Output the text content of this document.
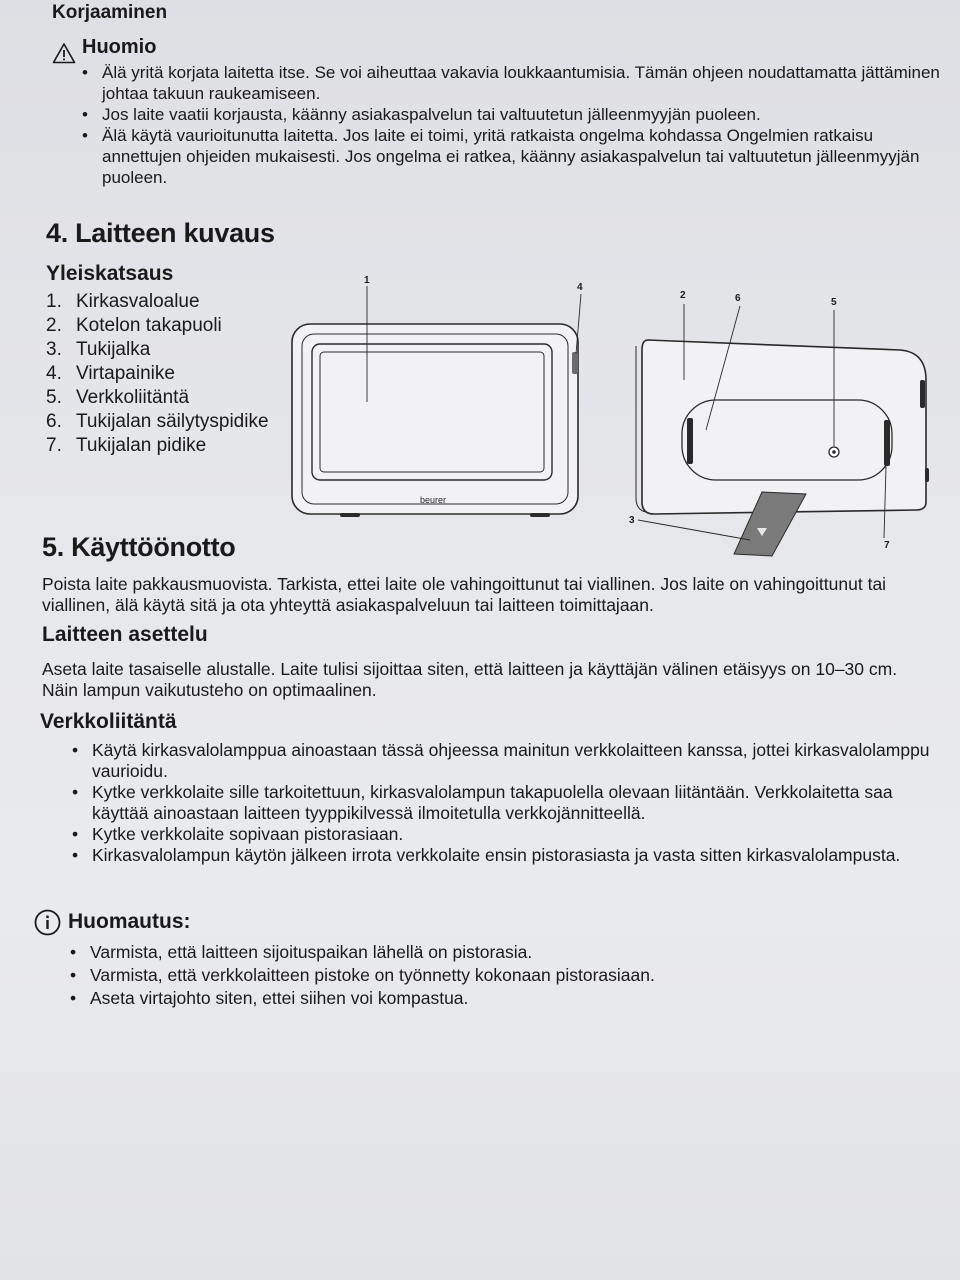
Korjaaminen
Huomio
• Älä yritä korjata laitetta itse. Se voi aiheuttaa vakavia loukkaantumisia. Tämän ohjeen noudattamatta jättäminen johtaa takuun raukeamiseen.
• Jos laite vaatii korjausta, käänny asiakaspalvelun tai valtuutetun jälleenmyyjän puoleen.
• Älä käytä vaurioitunutta laitetta. Jos laite ei toimi, yritä ratkaista ongelma kohdassa Ongelmien ratkaisu annettujen ohjeiden mukaisesti. Jos ongelma ei ratkea, käänny asiakaspalvelun tai valtuutetun jälleenmyyjän puoleen.
4. Laitteen kuvaus
Yleiskatsaus
1. Kirkasvaloalue
2. Kotelon takapuoli
3. Tukijalka
4. Virtapainike
5. Verkkoliitäntä
6. Tukijalan säilytyspidike
7. Tukijalan pidike
beurer
1
2
3
4
5
6
7
5. Käyttöönotto
Poista laite pakkausmuovista. Tarkista, ettei laite ole vahingoittunut tai viallinen. Jos laite on vahingoittunut tai viallinen, älä käytä sitä ja ota yhteyttä asiakaspalveluun tai laitteen toimittajaan.
Laitteen asettelu
Aseta laite tasaiselle alustalle. Laite tulisi sijoittaa siten, että laitteen ja käyttäjän välinen etäisyys on 10–30 cm. Näin lampun vaikutusteho on optimaalinen.
Verkkoliitäntä
• Käytä kirkasvalolamppua ainoastaan tässä ohjeessa mainitun verkkolaitteen kanssa, jottei kirkasvalolamppu vaurioidu.
• Kytke verkkolaite sille tarkoitettuun, kirkasvalolampun takapuolella olevaan liitäntään. Verkkolaitetta saa käyttää ainoastaan laitteen tyyppikilvessä ilmoitetulla verkkojännitteellä.
• Kytke verkkolaite sopivaan pistorasiaan.
• Kirkasvalolampun käytön jälkeen irrota verkkolaite ensin pistorasiasta ja vasta sitten kirkasvalolampusta.
Huomautus:
• Varmista, että laitteen sijoituspaikan lähellä on pistorasia.
• Varmista, että verkkolaitteen pistoke on työnnetty kokonaan pistorasiaan.
• Aseta virtajohto siten, ettei siihen voi kompastua.
